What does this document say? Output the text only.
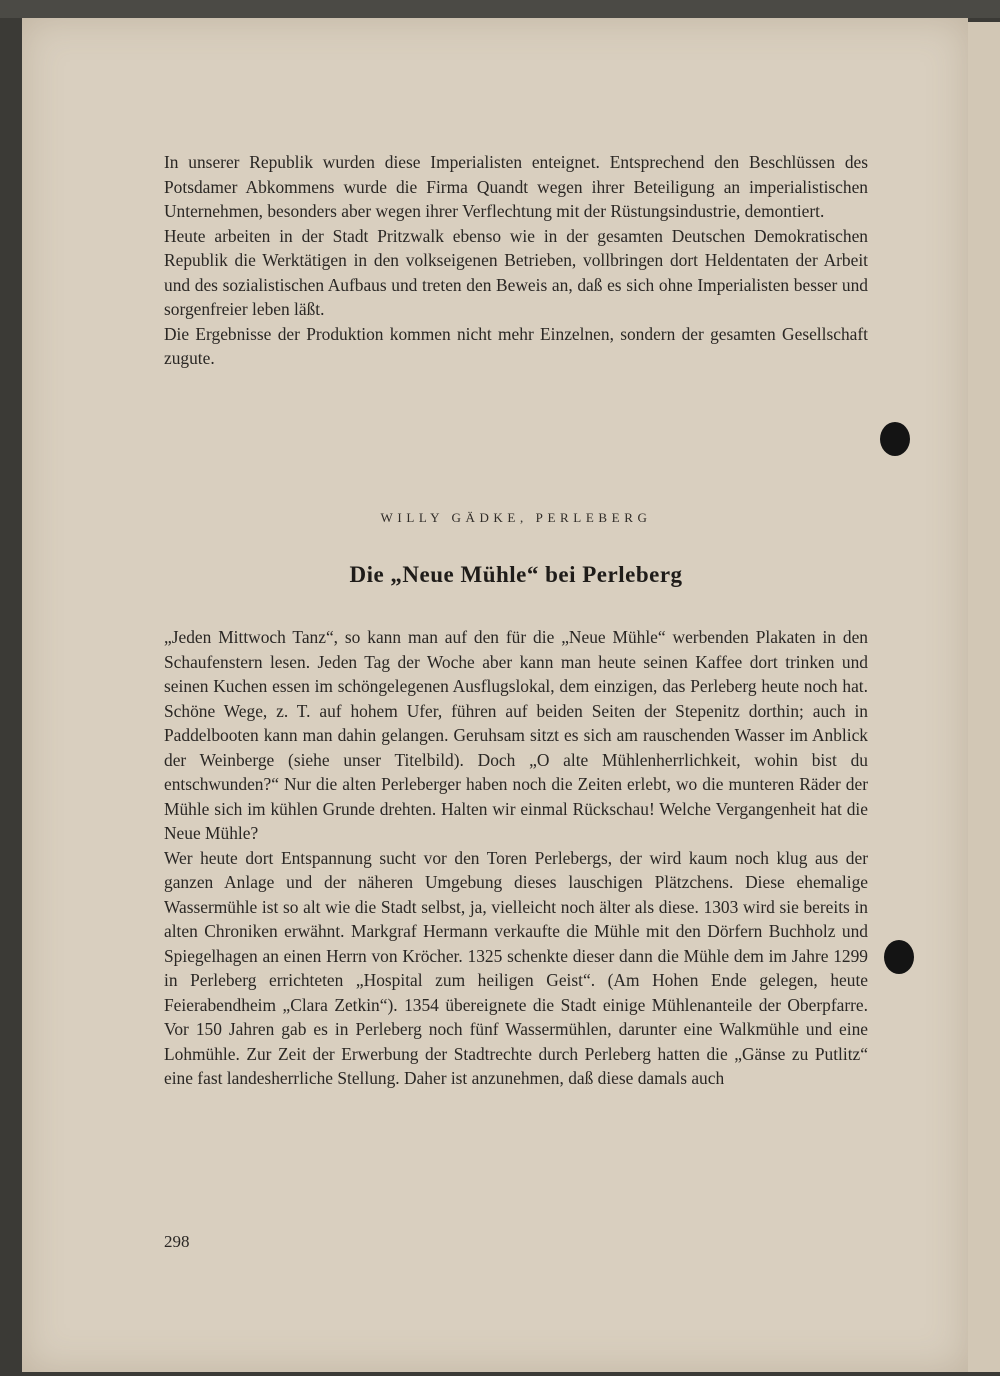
In unserer Republik wurden diese Imperialisten enteignet. Entsprechend den Beschlüssen des Potsdamer Abkommens wurde die Firma Quandt wegen ihrer Beteiligung an imperialistischen Unternehmen, besonders aber wegen ihrer Verflechtung mit der Rüstungsindustrie, demontiert.

Heute arbeiten in der Stadt Pritzwalk ebenso wie in der gesamten Deutschen Demokratischen Republik die Werktätigen in den volkseigenen Betrieben, vollbringen dort Heldentaten der Arbeit und des sozialistischen Aufbaus und treten den Beweis an, daß es sich ohne Imperialisten besser und sorgenfreier leben läßt.

Die Ergebnisse der Produktion kommen nicht mehr Einzelnen, sondern der gesamten Gesellschaft zugute.

WILLY GÄDKE, PERLEBERG
Die „Neue Mühle“ bei Perleberg

„Jeden Mittwoch Tanz“, so kann man auf den für die „Neue Mühle“ werbenden Plakaten in den Schaufenstern lesen. Jeden Tag der Woche aber kann man heute seinen Kaffee dort trinken und seinen Kuchen essen im schöngelegenen Ausflugslokal, dem einzigen, das Perleberg heute noch hat. Schöne Wege, z. T. auf hohem Ufer, führen auf beiden Seiten der Stepenitz dorthin; auch in Paddelbooten kann man dahin gelangen. Geruhsam sitzt es sich am rauschenden Wasser im Anblick der Weinberge (siehe unser Titelbild). Doch „O alte Mühlenherrlichkeit, wohin bist du entschwunden?“ Nur die alten Perleberger haben noch die Zeiten erlebt, wo die munteren Räder der Mühle sich im kühlen Grunde drehten. Halten wir einmal Rückschau! Welche Vergangenheit hat die Neue Mühle?

Wer heute dort Entspannung sucht vor den Toren Perlebergs, der wird kaum noch klug aus der ganzen Anlage und der näheren Umgebung dieses lauschigen Plätzchens. Diese ehemalige Wassermühle ist so alt wie die Stadt selbst, ja, vielleicht noch älter als diese. 1303 wird sie bereits in alten Chroniken erwähnt. Markgraf Hermann verkaufte die Mühle mit den Dörfern Buchholz und Spiegelhagen an einen Herrn von Kröcher. 1325 schenkte dieser dann die Mühle dem im Jahre 1299 in Perleberg errichteten „Hospital zum heiligen Geist“. (Am Hohen Ende gelegen, heute Feierabendheim „Clara Zetkin“). 1354 übereignete die Stadt einige Mühlenanteile der Oberpfarre. Vor 150 Jahren gab es in Perleberg noch fünf Wassermühlen, darunter eine Walkmühle und eine Lohmühle. Zur Zeit der Erwerbung der Stadtrechte durch Perleberg hatten die „Gänse zu Putlitz“ eine fast landesherrliche Stellung. Daher ist anzunehmen, daß diese damals auch

298
